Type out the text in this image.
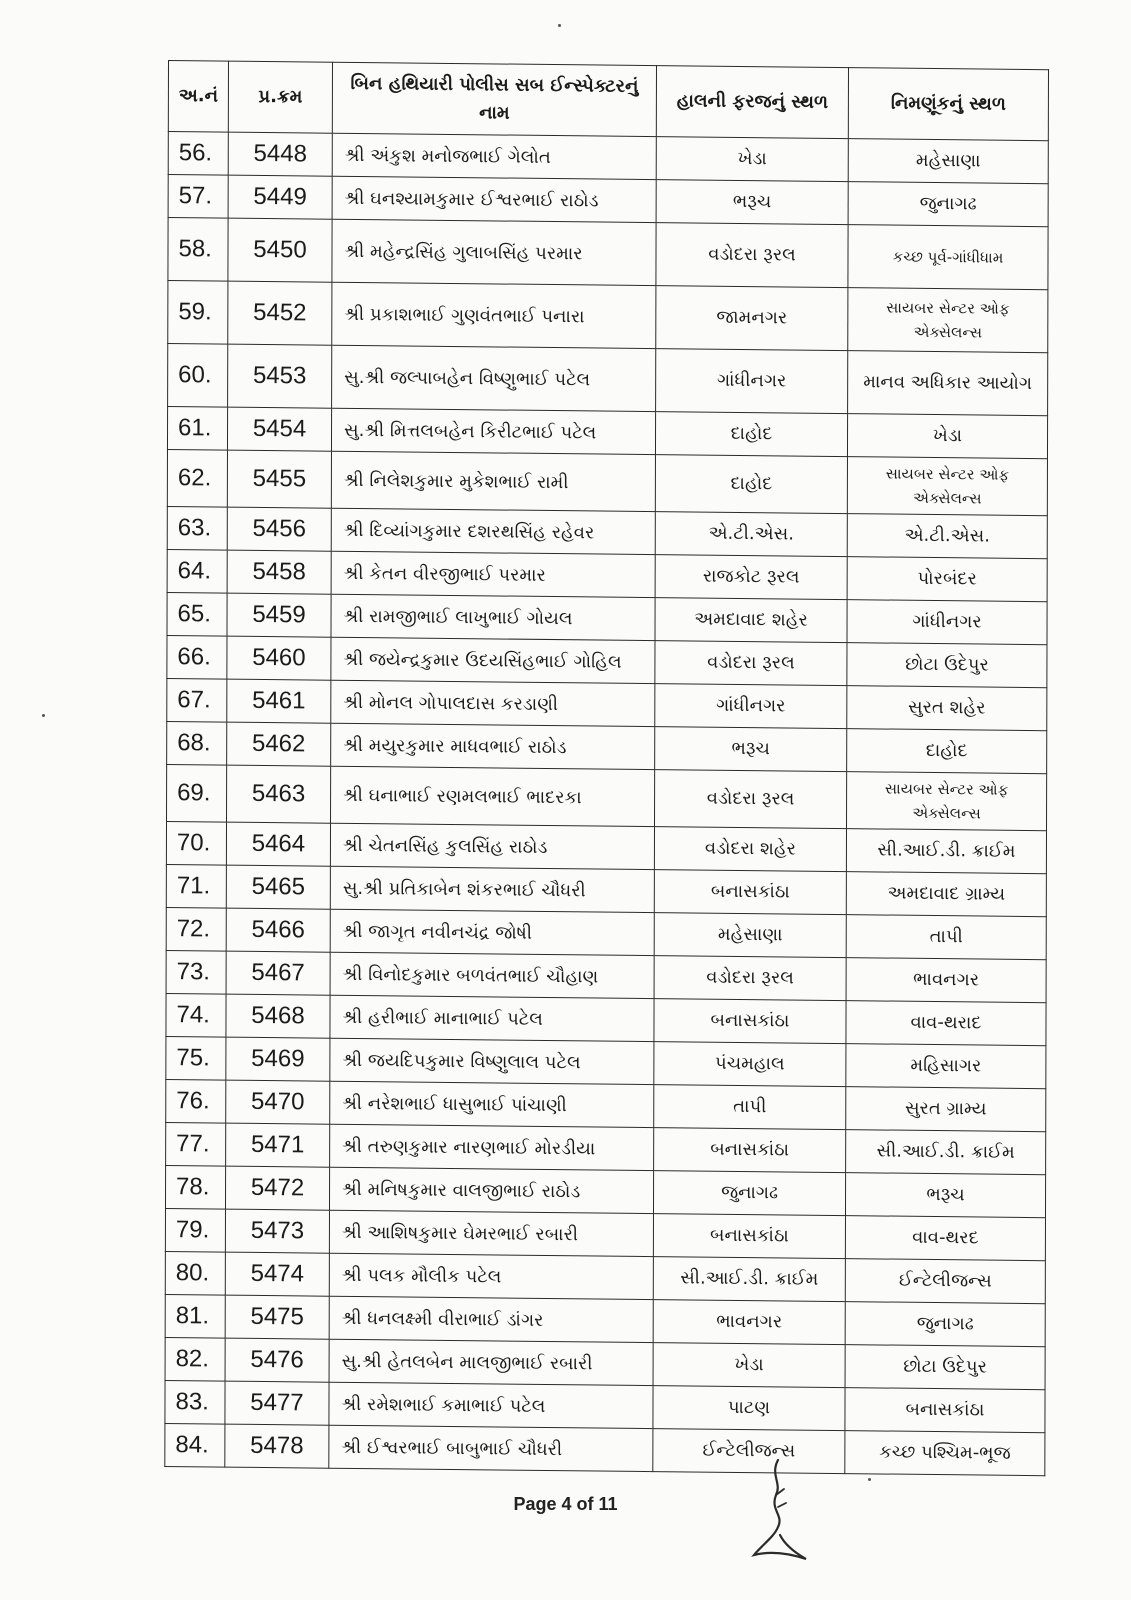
અ.નં	પ્ર.ક્રમ	બિન હથિયારી પોલીસ સબ ઈન્સ્પેક્ટરનું નામ	હાલની ફરજનું સ્થળ	નિમણૂંકનું સ્થળ
56.	5448	શ્રી અંકુશ મનોજભાઈ ગેલોત	ખેડા	મહેસાણા
57.	5449	શ્રી ઘનશ્યામકુમાર ઈશ્વરભાઈ રાઠોડ	ભરૂચ	જુનાગઢ
58.	5450	શ્રી મહેન્દ્રસિંહ ગુલાબસિંહ પરમાર	વડોદરા રૂરલ	કચ્છ પૂર્વ-ગાંધીધામ
59.	5452	શ્રી પ્રકાશભાઈ ગુણવંતભાઈ પનારા	જામનગર	સાયબર સેન્ટર ઓફ એક્સેલન્સ
60.	5453	સુ.શ્રી જલ્પાબહેન વિષ્ણુભાઈ પટેલ	ગાંધીનગર	માનવ અધિકાર આયોગ
61.	5454	સુ.શ્રી મિત્તલબહેન કિરીટભાઈ પટેલ	દાહોદ	ખેડા
62.	5455	શ્રી નિલેશકુમાર મુકેશભાઈ રામી	દાહોદ	સાયબર સેન્ટર ઓફ એક્સેલન્સ
63.	5456	શ્રી દિવ્યાંગકુમાર દશરથસિંહ રહેવર	એ.ટી.એસ.	એ.ટી.એસ.
64.	5458	શ્રી કેતન વીરજીભાઈ પરમાર	રાજકોટ રૂરલ	પોરબંદર
65.	5459	શ્રી રામજીભાઈ લાખુભાઈ ગોયલ	અમદાવાદ શહેર	ગાંધીનગર
66.	5460	શ્રી જયેન્દ્રકુમાર ઉદયસિંહભાઈ ગોહિલ	વડોદરા રૂરલ	છોટા ઉદેપુર
67.	5461	શ્રી મોનલ ગોપાલદાસ કરડાણી	ગાંધીનગર	સુરત શહેર
68.	5462	શ્રી મયુરકુમાર માધવભાઈ રાઠોડ	ભરૂચ	દાહોદ
69.	5463	શ્રી ઘનાભાઈ રણમલભાઈ ભાદરકા	વડોદરા રૂરલ	સાયબર સેન્ટર ઓફ એક્સેલન્સ
70.	5464	શ્રી ચેતનસિંહ કુલસિંહ રાઠોડ	વડોદરા શહેર	સી.આઈ.ડી. ક્રાઈમ
71.	5465	સુ.શ્રી પ્રતિકાબેન શંકરભાઈ ચૌધરી	બનાસકાંઠા	અમદાવાદ ગ્રામ્ય
72.	5466	શ્રી જાગૃત નવીનચંદ્ર જોષી	મહેસાણા	તાપી
73.	5467	શ્રી વિનોદકુમાર બળવંતભાઈ ચૌહાણ	વડોદરા રૂરલ	ભાવનગર
74.	5468	શ્રી હરીભાઈ માનાભાઈ પટેલ	બનાસકાંઠા	વાવ-થરાદ
75.	5469	શ્રી જયદિપકુમાર વિષ્ણુલાલ પટેલ	પંચમહાલ	મહિસાગર
76.	5470	શ્રી નરેશભાઈ ધાસુભાઈ પાંચાણી	તાપી	સુરત ગ્રામ્ય
77.	5471	શ્રી તરુણકુમાર નારણભાઈ મોરડીયા	બનાસકાંઠા	સી.આઈ.ડી. ક્રાઈમ
78.	5472	શ્રી મનિષકુમાર વાલજીભાઈ રાઠોડ	જુનાગઢ	ભરૂચ
79.	5473	શ્રી આશિષકુમાર ઘેમરભાઈ રબારી	બનાસકાંઠા	વાવ-થરદ
80.	5474	શ્રી પલક મૌલીક પટેલ	સી.આઈ.ડી. ક્રાઈમ	ઈન્ટેલીજન્સ
81.	5475	શ્રી ધનલક્ષ્મી વીરાભાઈ ડાંગર	ભાવનગર	જુનાગઢ
82.	5476	સુ.શ્રી હેતલબેન માલજીભાઈ રબારી	ખેડા	છોટા ઉદેપુર
83.	5477	શ્રી રમેશભાઈ કમાભાઈ પટેલ	પાટણ	બનાસકાંઠા
84.	5478	શ્રી ઈશ્વરભાઈ બાબુભાઈ ચૌધરી	ઈન્ટેલીજન્સ	કચ્છ પશ્ચિમ-ભૂજ
Page 4 of 11
